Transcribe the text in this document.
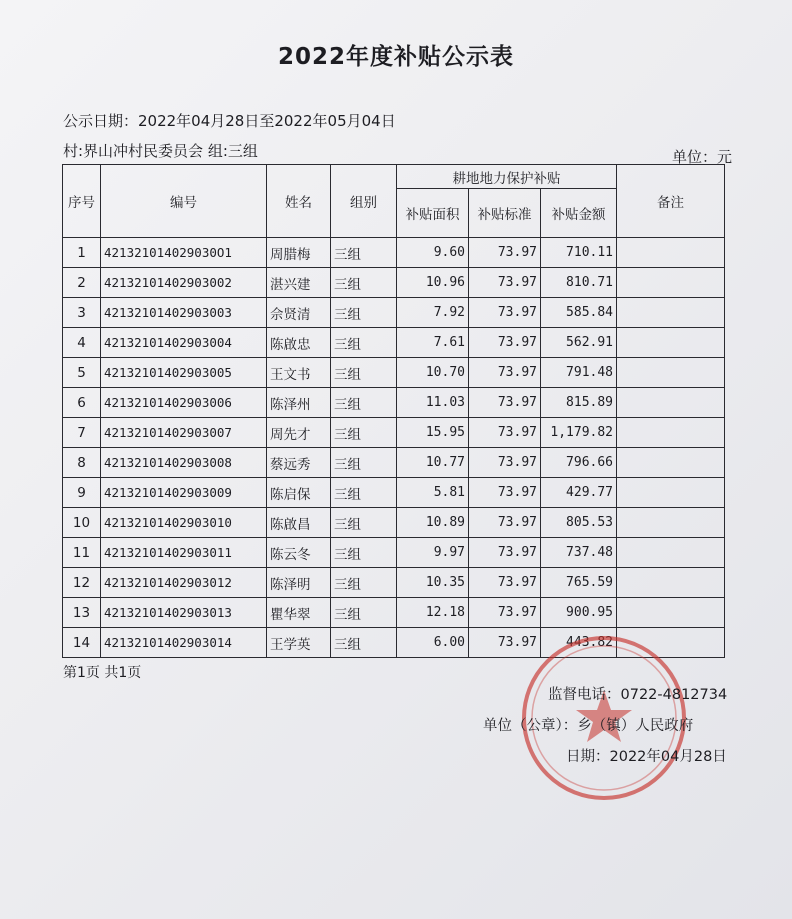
2022年度补贴公示表
公示日期：2022年04月28日至2022年05月04日
村:界山冲村民委员会 组:三组	单位：元
序号	编号	姓名	组别	耕地地力保护补贴			备注
				补贴面积	补贴标准	补贴金额	
1	421321014029030O1	周腊梅	三组	9.60	73.97	710.11	
2	42132101402903002	湛兴建	三组	10.96	73.97	810.71	
3	42132101402903003	佘贤清	三组	7.92	73.97	585.84	
4	42132101402903004	陈啟忠	三组	7.61	73.97	562.91	
5	42132101402903005	王文书	三组	10.70	73.97	791.48	
6	42132101402903006	陈泽州	三组	11.03	73.97	815.89	
7	42132101402903007	周先才	三组	15.95	73.97	1,179.82	
8	42132101402903008	蔡远秀	三组	10.77	73.97	796.66	
9	42132101402903009	陈启保	三组	5.81	73.97	429.77	
10	42132101402903010	陈啟昌	三组	10.89	73.97	805.53	
11	42132101402903011	陈云冬	三组	9.97	73.97	737.48	
12	42132101402903012	陈泽明	三组	10.35	73.97	765.59	
13	42132101402903013	瞿华翠	三组	12.18	73.97	900.95	
14	42132101402903014	王学英	三组	6.00	73.97	443.82	
第1页 共1页
监督电话：0722-4812734
单位（公章）：乡（镇）人民政府
日期：2022年04月28日
